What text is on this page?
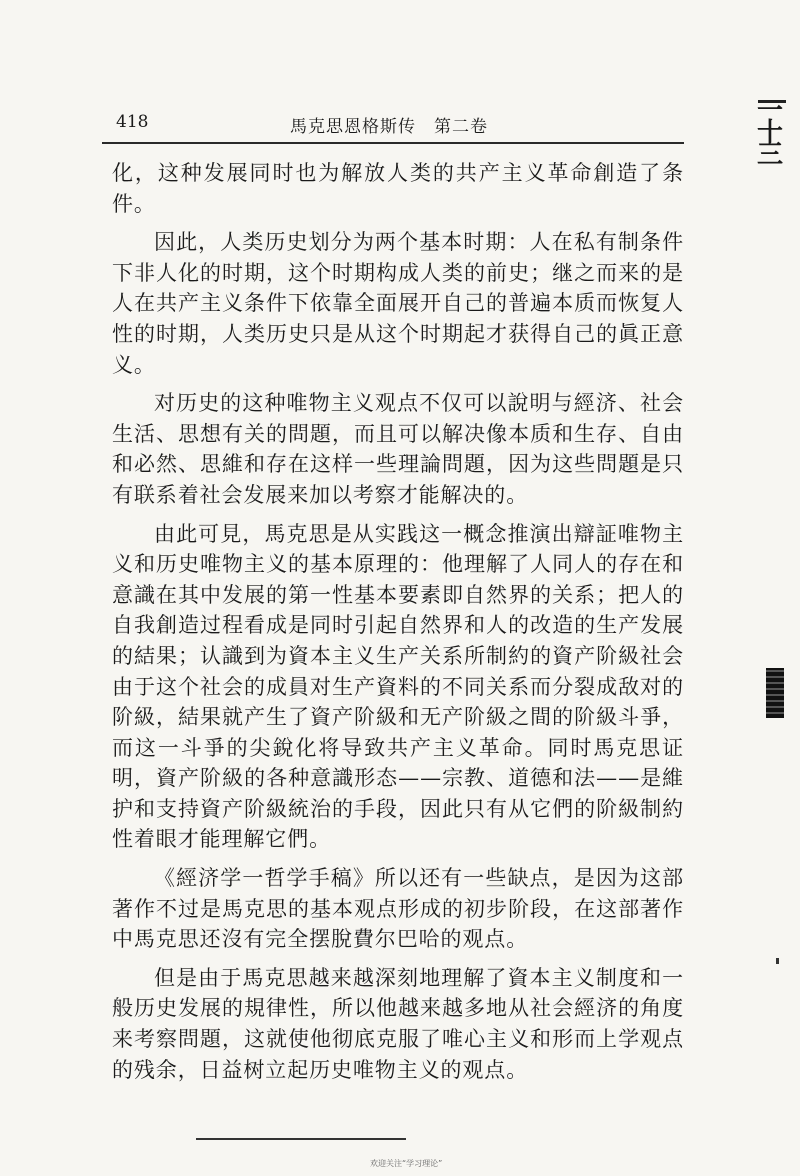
418	馬克思恩格斯传　第二卷

化，这种发展同时也为解放人类的共产主义革命創造了条件。

因此，人类历史划分为两个基本时期：人在私有制条件下非人化的时期，这个时期构成人类的前史；继之而来的是人在共产主义条件下依靠全面展开自己的普遍本质而恢复人性的时期，人类历史只是从这个时期起才获得自己的眞正意义。

对历史的这种唯物主义观点不仅可以說明与經济、社会生活、思想有关的問題，而且可以解决像本质和生存、自由和必然、思維和存在这样一些理論問題，因为这些問題是只有联系着社会发展来加以考察才能解决的。

由此可見，馬克思是从实践这一概念推演出辯証唯物主义和历史唯物主义的基本原理的：他理解了人同人的存在和意識在其中发展的第一性基本要素即自然界的关系；把人的自我創造过程看成是同时引起自然界和人的改造的生产发展的結果；认識到为資本主义生产关系所制約的資产阶級社会由于这个社会的成員对生产資料的不同关系而分裂成敌对的阶級，結果就产生了資产阶級和无产阶級之間的阶級斗爭，而这一斗爭的尖銳化将导致共产主义革命。同时馬克思证明，資产阶級的各种意識形态——宗教、道德和法——是維护和支持資产阶級統治的手段，因此只有从它們的阶級制約性着眼才能理解它們。

《經济学一哲学手稿》所以还有一些缺点，是因为这部著作不过是馬克思的基本观点形成的初步阶段，在这部著作中馬克思还沒有完全摆脫費尔巴哈的观点。

但是由于馬克思越来越深刻地理解了資本主义制度和一般历史发展的規律性，所以他越来越多地从社会經济的角度来考察問題，这就使他彻底克服了唯心主义和形而上学观点的残余，日益树立起历史唯物主义的观点。

一
十
三
欢迎关注“学习理论”
